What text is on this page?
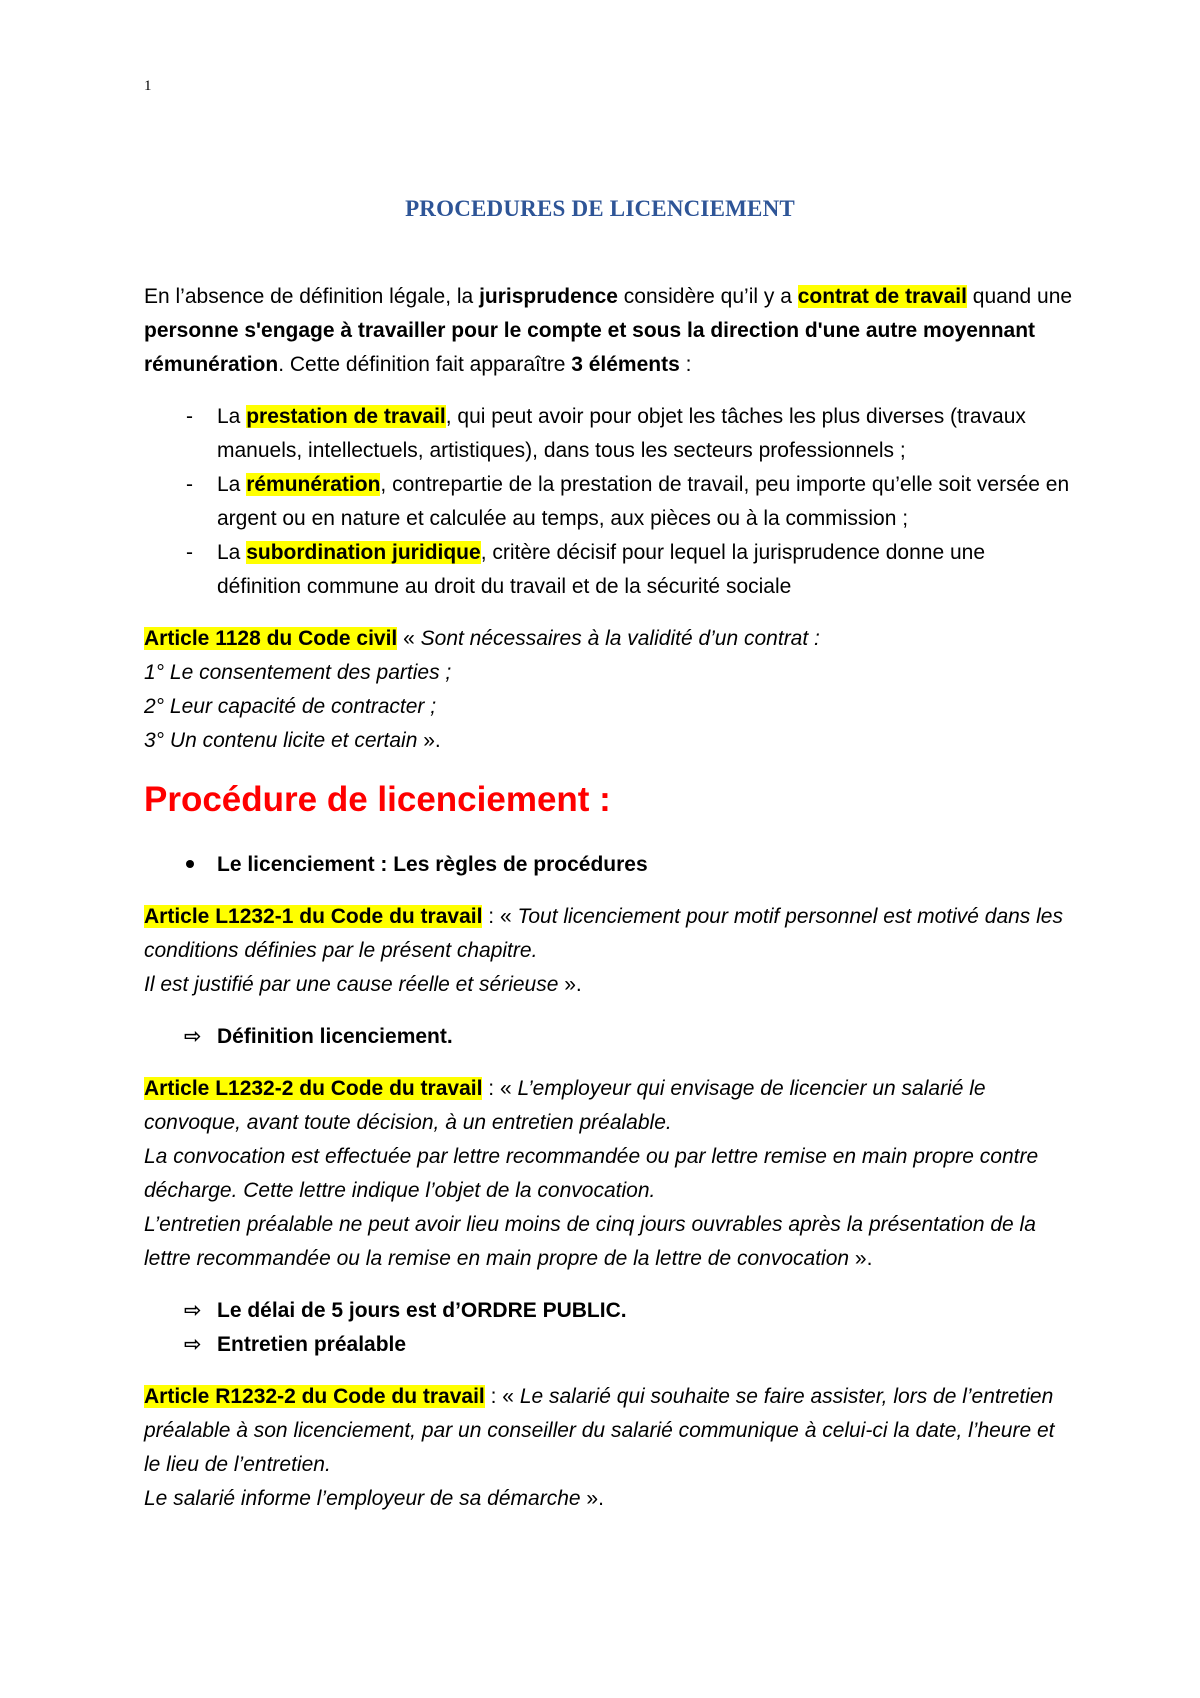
1
PROCEDURES DE LICENCIEMENT

En l’absence de définition légale, la jurisprudence considère qu’il y a contrat de travail quand une personne s'engage à travailler pour le compte et sous la direction d'une autre moyennant rémunération. Cette définition fait apparaître 3 éléments :

- La prestation de travail, qui peut avoir pour objet les tâches les plus diverses (travaux manuels, intellectuels, artistiques), dans tous les secteurs professionnels ;
- La rémunération, contrepartie de la prestation de travail, peu importe qu’elle soit versée en argent ou en nature et calculée au temps, aux pièces ou à la commission ;
- La subordination juridique, critère décisif pour lequel la jurisprudence donne une définition commune au droit du travail et de la sécurité sociale

Article 1128 du Code civil « Sont nécessaires à la validité d’un contrat :

1° Le consentement des parties ;

2° Leur capacité de contracter ;

3° Un contenu licite et certain ».

Procédure de licenciement :
Le licenciement : Les règles de procédures

Article L1232-1 du Code du travail : « Tout licenciement pour motif personnel est motivé dans les conditions définies par le présent chapitre.

Il est justifié par une cause réelle et sérieuse ».

⇨ Définition licenciement.

Article L1232-2 du Code du travail : « L’employeur qui envisage de licencier un salarié le convoque, avant toute décision, à un entretien préalable.

La convocation est effectuée par lettre recommandée ou par lettre remise en main propre contre décharge. Cette lettre indique l’objet de la convocation.

L’entretien préalable ne peut avoir lieu moins de cinq jours ouvrables après la présentation de la lettre recommandée ou la remise en main propre de la lettre de convocation ».

⇨ Le délai de 5 jours est d’ORDRE PUBLIC.
⇨ Entretien préalable

Article R1232-2 du Code du travail : « Le salarié qui souhaite se faire assister, lors de l’entretien préalable à son licenciement, par un conseiller du salarié communique à celui-ci la date, l’heure et le lieu de l’entretien.

Le salarié informe l’employeur de sa démarche ».
